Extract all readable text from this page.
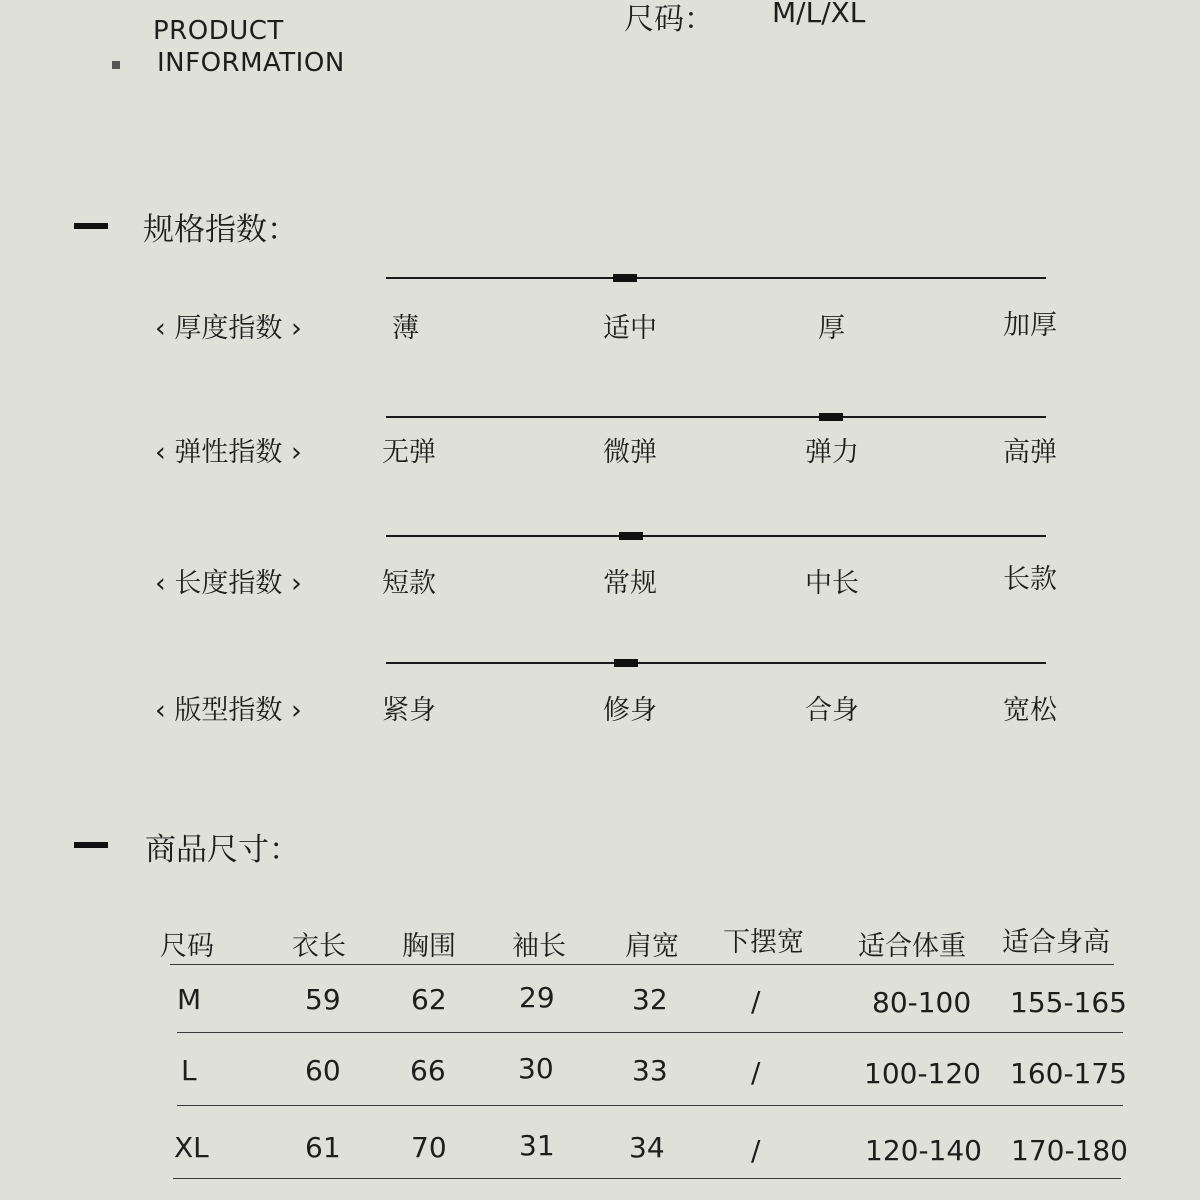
PRODUCT
INFORMATION
尺码： M/L/XL
规格指数：
‹ 厚度指数 ›	薄	适中	厚	加厚
‹ 弹性指数 ›	无弹	微弹	弹力	高弹
‹ 长度指数 ›	短款	常规	中长	长款
‹ 版型指数 ›	紧身	修身	合身	宽松
商品尺寸：
尺码	衣长 胸围 袖长 肩宽 下摆宽 适合体重 适合身高
M	59	62	29	32	/	80-100 155-165
L	60 66	30	33	/	100-120 160-175
XL	61	70	31	34	/	120-140 170-180
